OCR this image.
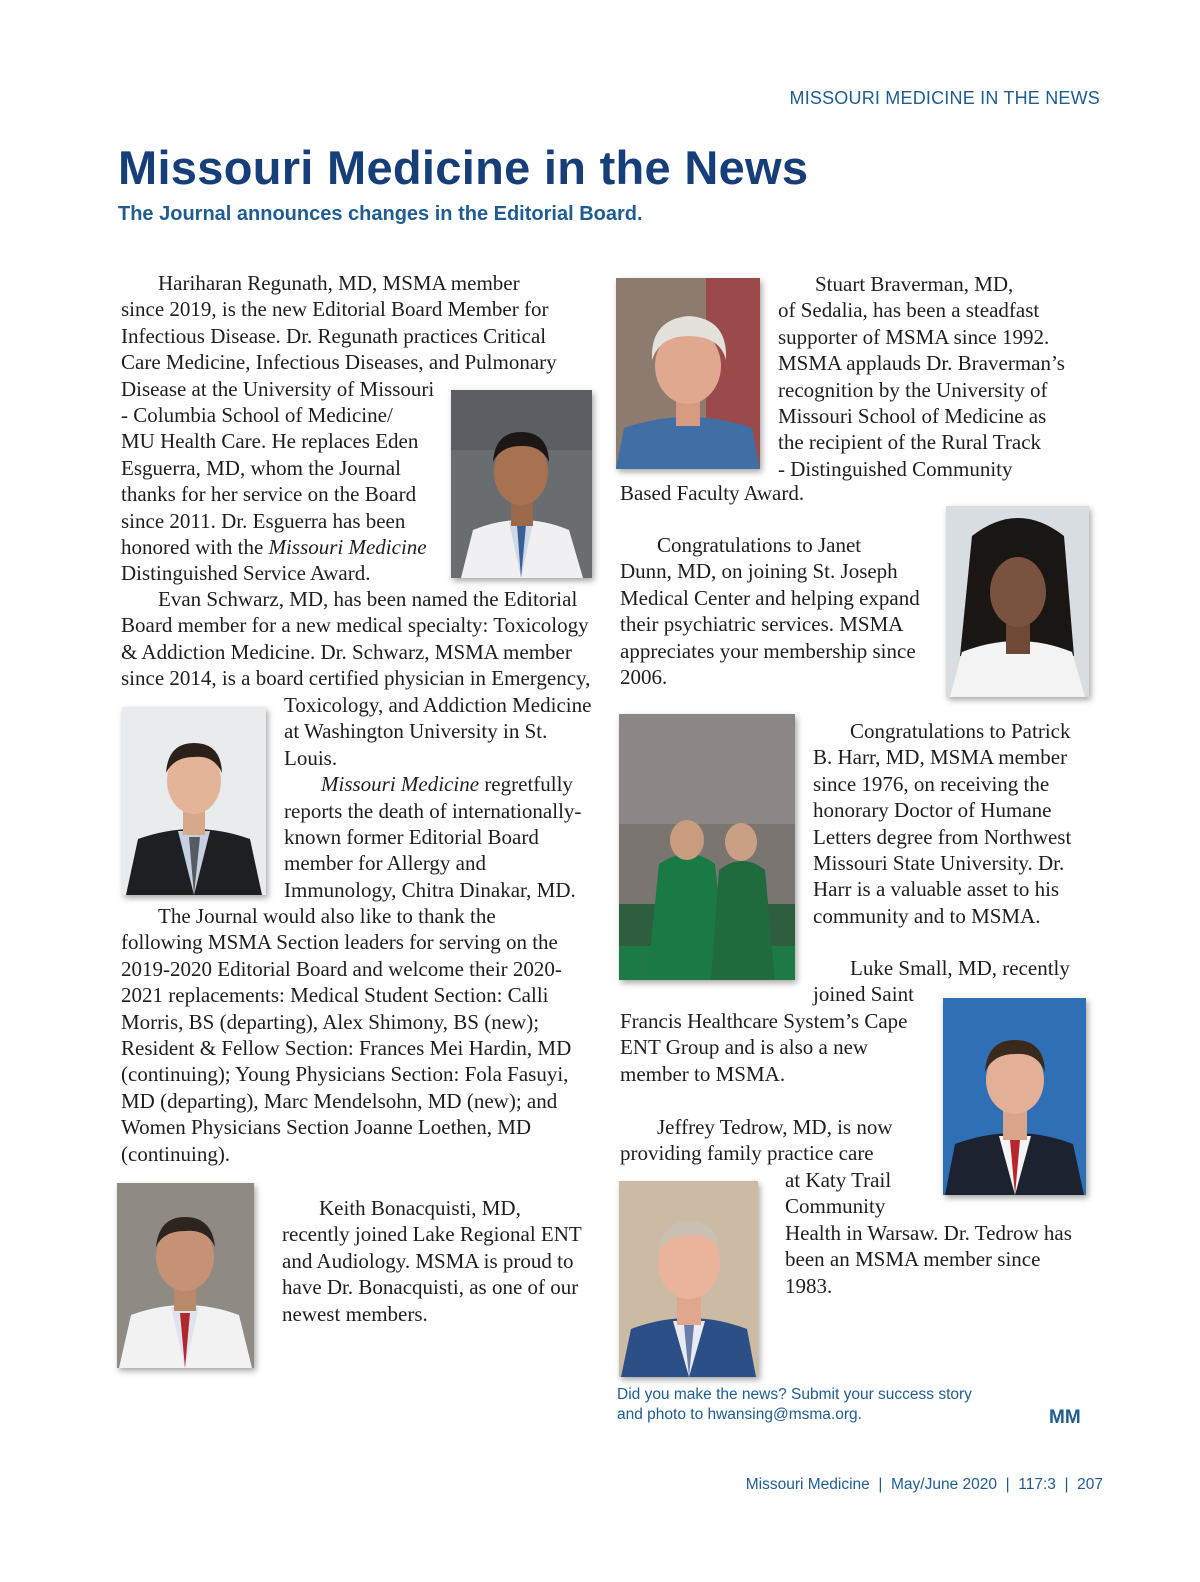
MISSOURI MEDICINE IN THE NEWS
Missouri Medicine in the News
The Journal announces changes in the Editorial Board.

Hariharan Regunath, MD, MSMA member

since 2019, is the new Editorial Board Member for

Infectious Disease. Dr. Regunath practices Critical

Care Medicine, Infectious Diseases, and Pulmonary

Disease at the University of Missouri

- Columbia School of Medicine/

MU Health Care. He replaces Eden

Esguerra, MD, whom the Journal

thanks for her service on the Board

since 2011. Dr. Esguerra has been

honored with the Missouri Medicine

Distinguished Service Award.

Evan Schwarz, MD, has been named the Editorial

Board member for a new medical specialty: Toxicology

& Addiction Medicine. Dr. Schwarz, MSMA member

since 2014, is a board certified physician in Emergency,

Toxicology, and Addiction Medicine

at Washington University in St.

Louis.

Missouri Medicine regretfully

reports the death of internationally-

known former Editorial Board

member for Allergy and

Immunology, Chitra Dinakar, MD.

The Journal would also like to thank the

following MSMA Section leaders for serving on the

2019-2020 Editorial Board and welcome their 2020-

2021 replacements: Medical Student Section: Calli

Morris, BS (departing), Alex Shimony, BS (new);

Resident & Fellow Section: Frances Mei Hardin, MD

(continuing); Young Physicians Section: Fola Fasuyi,

MD (departing), Marc Mendelsohn, MD (new); and

Women Physicians Section Joanne Loethen, MD

(continuing).

Keith Bonacquisti, MD,

recently joined Lake Regional ENT

and Audiology. MSMA is proud to

have Dr. Bonacquisti, as one of our

newest members.

Stuart Braverman, MD,

of Sedalia, has been a steadfast

supporter of MSMA since 1992.

MSMA applauds Dr. Braverman’s

recognition by the University of

Missouri School of Medicine as

the recipient of the Rural Track

- Distinguished Community

Based Faculty Award.

Congratulations to Janet

Dunn, MD, on joining St. Joseph

Medical Center and helping expand

their psychiatric services. MSMA

appreciates your membership since

2006.

Congratulations to Patrick

B. Harr, MD, MSMA member

since 1976, on receiving the

honorary Doctor of Humane

Letters degree from Northwest

Missouri State University. Dr.

Harr is a valuable asset to his

community and to MSMA.

Luke Small, MD, recently

joined Saint

Francis Healthcare System’s Cape

ENT Group and is also a new

member to MSMA.

Jeffrey Tedrow, MD, is now

providing family practice care

at Katy Trail

Community

Health in Warsaw. Dr. Tedrow has

been an MSMA member since

1983.

Did you make the news? Submit your success story and photo to hwansing@msma.org.	MM
Missouri Medicine  |  May/June 2020  |  117:3  |  207
